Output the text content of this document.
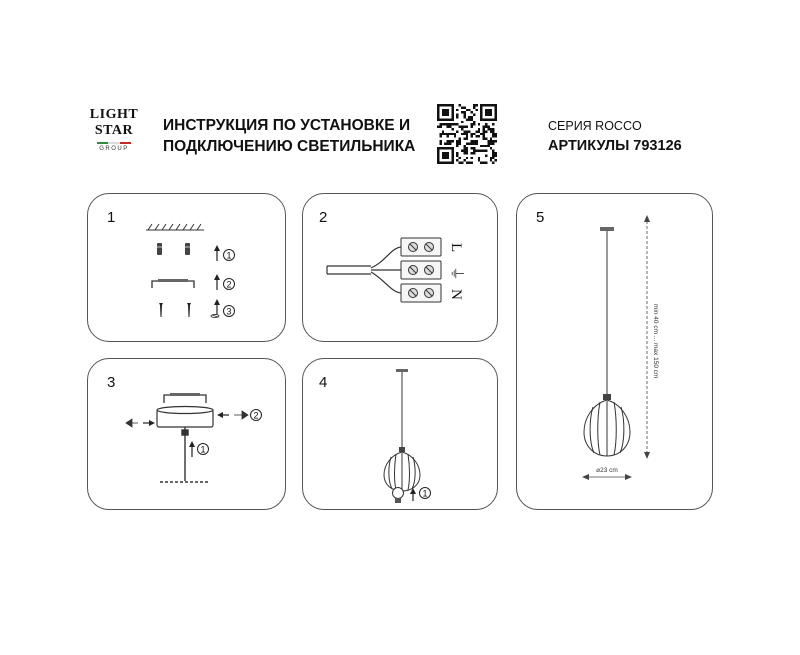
LIGHT
STAR
GROUP
ИНСТРУКЦИЯ ПО УСТАНОВКЕ И
ПОДКЛЮЧЕНИЮ СВЕТИЛЬНИКА
СЕРИЯ ROCCO
АРТИКУЛЫ 793126
1
1
2
3
2
L
⏚
N
3
2
1
4
1
5
min 40 cm ... max 150 cm
⌀23 cm
